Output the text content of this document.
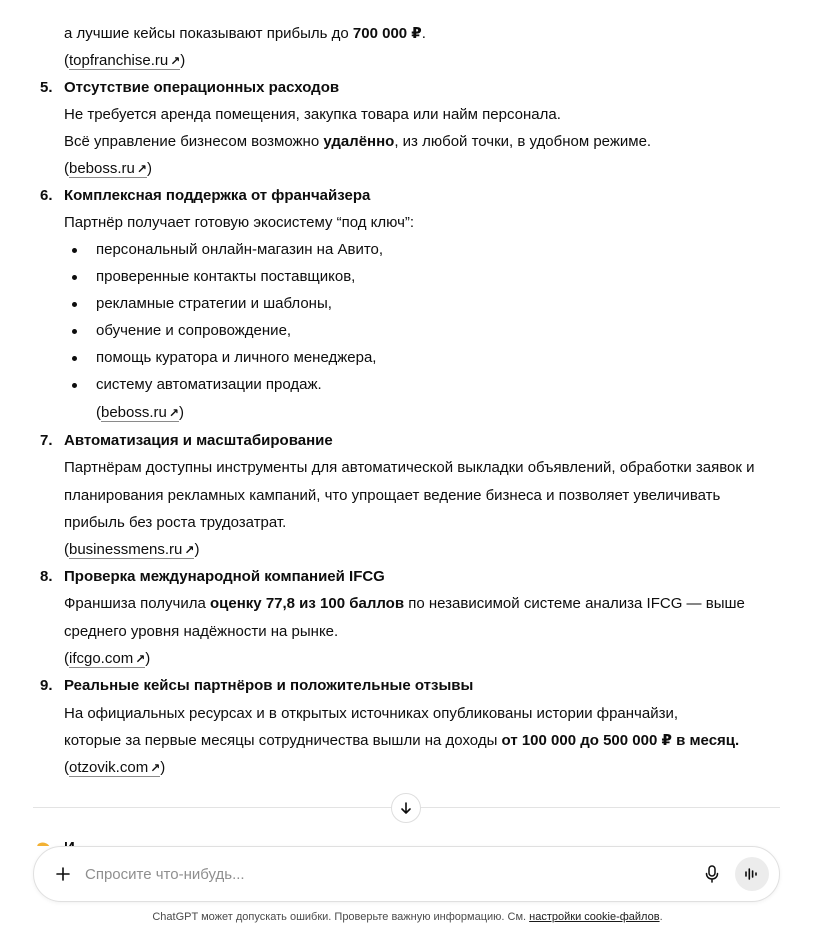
а лучшие кейсы показывают прибыль до 700 000 ₽.
(topfranchise.ru ↗)
5. Отсутствие операционных расходов
Не требуется аренда помещения, закупка товара или найм персонала.
Всё управление бизнесом возможно удалённо, из любой точки, в удобном режиме.
(beboss.ru ↗)
6. Комплексная поддержка от франчайзера
Партнёр получает готовую экосистему “под ключ”:
персональный онлайн-магазин на Авито,
проверенные контакты поставщиков,
рекламные стратегии и шаблоны,
обучение и сопровождение,
помощь куратора и личного менеджера,
систему автоматизации продаж.
(beboss.ru ↗)
7. Автоматизация и масштабирование
Партнёрам доступны инструменты для автоматической выкладки объявлений, обработки заявок и
планирования рекламных кампаний, что упрощает ведение бизнеса и позволяет увеличивать
прибыль без роста трудозатрат.
(businessmens.ru ↗)
8. Проверка международной компанией IFCG
Франшиза получила оценку 77,8 из 100 баллов по независимой системе анализа IFCG — выше
среднего уровня надёжности на рынке.
(ifcgo.com ↗)
9. Реальные кейсы партнёров и положительные отзывы
На официальных ресурсах и в открытых источниках опубликованы истории франчайзи,
которые за первые месяцы сотрудничества вышли на доходы от 100 000 до 500 000 ₽ в месяц.
(otzovik.com ↗)
Спросите что-нибудь...
ChatGPT может допускать ошибки. Проверьте важную информацию. См. настройки cookie-файлов.
